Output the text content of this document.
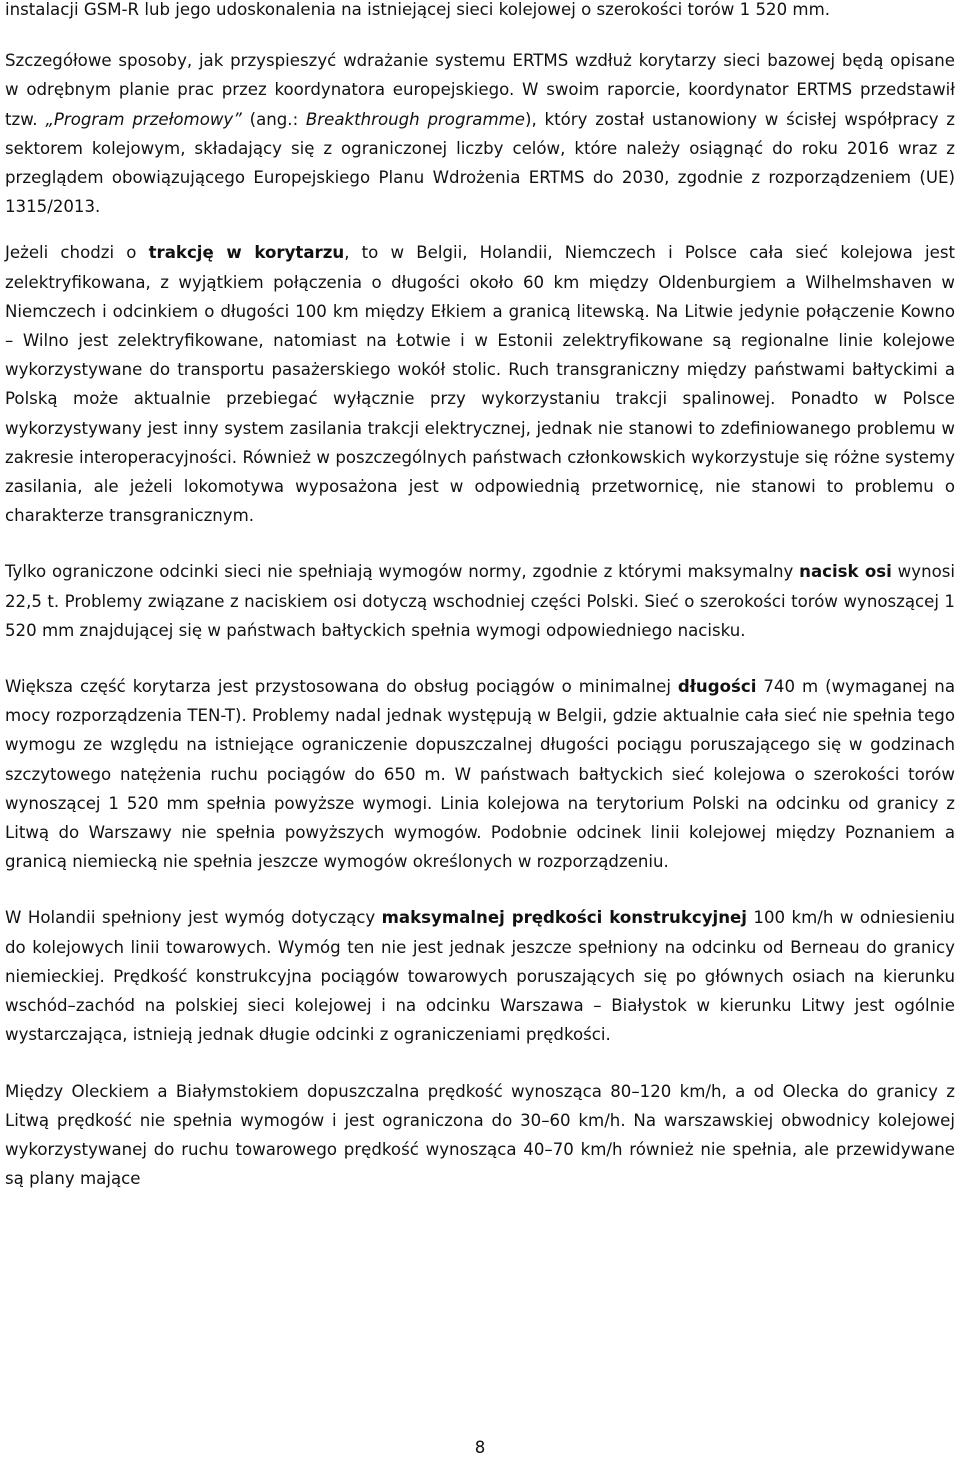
instalacji GSM-R lub jego udoskonalenia na istniejącej sieci kolejowej o szerokości torów 1 520 mm.

Szczegółowe sposoby, jak przyspieszyć wdrażanie systemu ERTMS wzdłuż korytarzy sieci bazowej będą opisane w odrębnym planie prac przez koordynatora europejskiego. W swoim raporcie, koordynator ERTMS przedstawił tzw. „Program przełomowy” (ang.: Breakthrough programme), który został ustanowiony w ścisłej współpracy z sektorem kolejowym, składający się z ograniczonej liczby celów, które należy osiągnąć do roku 2016 wraz z przeglądem obowiązującego Europejskiego Planu Wdrożenia ERTMS do 2030, zgodnie z rozporządzeniem (UE) 1315/2013.

Jeżeli chodzi o trakcję w korytarzu, to w Belgii, Holandii, Niemczech i Polsce cała sieć kolejowa jest zelektryfikowana, z wyjątkiem połączenia o długości około 60 km między Oldenburgiem a Wilhelmshaven w Niemczech i odcinkiem o długości 100 km między Ełkiem a granicą litewską. Na Litwie jedynie połączenie Kowno – Wilno jest zelektryfikowane, natomiast na Łotwie i w Estonii zelektryfikowane są regionalne linie kolejowe wykorzystywane do transportu pasażerskiego wokół stolic. Ruch transgraniczny między państwami bałtyckimi a Polską może aktualnie przebiegać wyłącznie przy wykorzystaniu trakcji spalinowej. Ponadto w Polsce wykorzystywany jest inny system zasilania trakcji elektrycznej, jednak nie stanowi to zdefiniowanego problemu w zakresie interoperacyjności. Również w poszczególnych państwach członkowskich wykorzystuje się różne systemy zasilania, ale jeżeli lokomotywa wyposażona jest w odpowiednią przetwornicę, nie stanowi to problemu o charakterze transgranicznym.

Tylko ograniczone odcinki sieci nie spełniają wymogów normy, zgodnie z którymi maksymalny nacisk osi wynosi 22,5 t. Problemy związane z naciskiem osi dotyczą wschodniej części Polski. Sieć o szerokości torów wynoszącej 1 520 mm znajdującej się w państwach bałtyckich spełnia wymogi odpowiedniego nacisku.

Większa część korytarza jest przystosowana do obsług pociągów o minimalnej długości 740 m (wymaganej na mocy rozporządzenia TEN-T). Problemy nadal jednak występują w Belgii, gdzie aktualnie cała sieć nie spełnia tego wymogu ze względu na istniejące ograniczenie dopuszczalnej długości pociągu poruszającego się w godzinach szczytowego natężenia ruchu pociągów do 650 m. W państwach bałtyckich sieć kolejowa o szerokości torów wynoszącej 1 520 mm spełnia powyższe wymogi. Linia kolejowa na terytorium Polski na odcinku od granicy z Litwą do Warszawy nie spełnia powyższych wymogów. Podobnie odcinek linii kolejowej między Poznaniem a granicą niemiecką nie spełnia jeszcze wymogów określonych w rozporządzeniu.

W Holandii spełniony jest wymóg dotyczący maksymalnej prędkości konstrukcyjnej 100 km/h w odniesieniu do kolejowych linii towarowych. Wymóg ten nie jest jednak jeszcze spełniony na odcinku od Berneau do granicy niemieckiej. Prędkość konstrukcyjna pociągów towarowych poruszających się po głównych osiach na kierunku wschód–zachód na polskiej sieci kolejowej i na odcinku Warszawa – Białystok w kierunku Litwy jest ogólnie wystarczająca, istnieją jednak długie odcinki z ograniczeniami prędkości.

Między Oleckiem a Białymstokiem dopuszczalna prędkość wynosząca 80–120 km/h, a od Olecka do granicy z Litwą prędkość nie spełnia wymogów i jest ograniczona do 30–60 km/h. Na warszawskiej obwodnicy kolejowej wykorzystywanej do ruchu towarowego prędkość wynosząca 40–70 km/h również nie spełnia, ale przewidywane są plany mające

8
